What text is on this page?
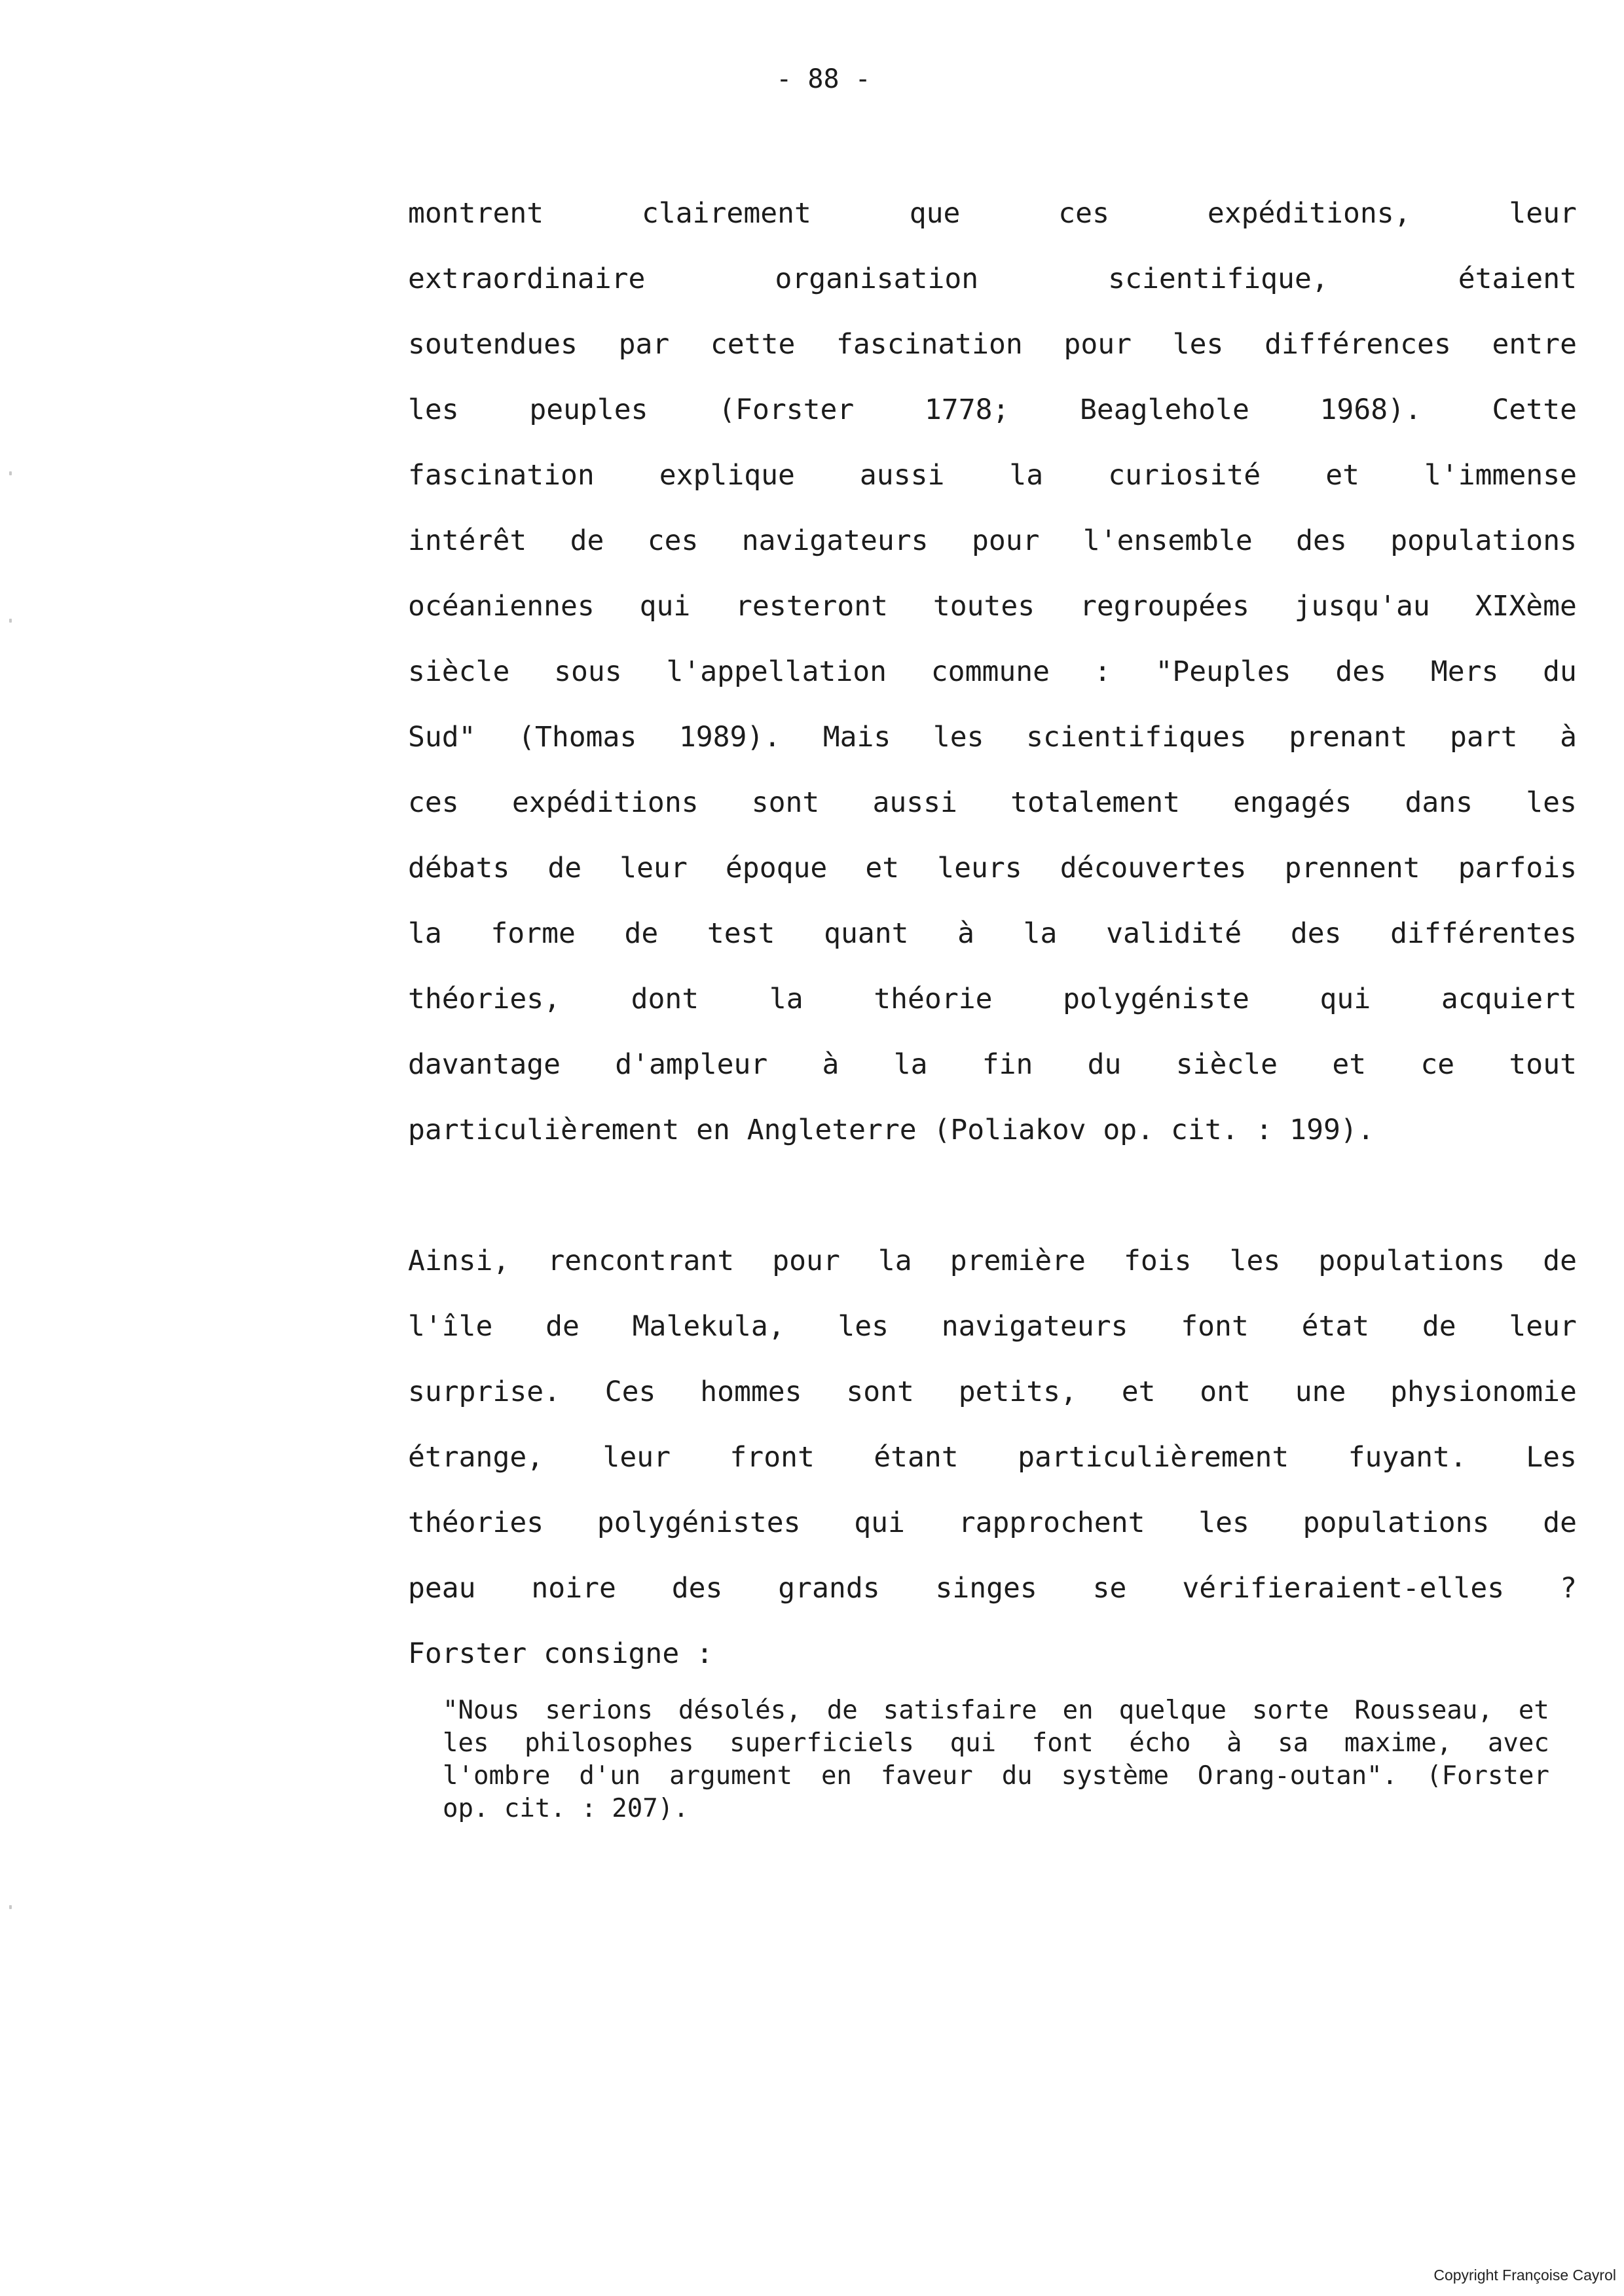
- 88 -
montrent	clairement	que	ces	expéditions,	leur
extraordinaire	organisation	scientifique,	étaient
soutendues par cette fascination pour les différences entre
les	peuples	(Forster	1778;	Beaglehole	1968).	Cette
fascination explique aussi la curiosité et l'immense
intérêt de ces navigateurs pour l'ensemble des populations
océaniennes qui resteront toutes regroupées jusqu'au XIXème
siècle sous l'appellation commune : "Peuples des Mers du
Sud" (Thomas 1989). Mais les scientifiques prenant part à
ces expéditions sont aussi totalement engagés dans les
débats de leur époque et leurs découvertes prennent parfois
la forme de test quant à la validité des différentes
théories,	dont	la	théorie	polygéniste	qui	acquiert
davantage d'ampleur à la fin du siècle et ce tout
particulièrement en Angleterre (Poliakov op. cit. : 199).
Ainsi, rencontrant pour la première fois les populations de
l'île de Malekula, les navigateurs font état de leur
surprise. Ces hommes sont petits, et ont une physionomie
étrange, leur front étant particulièrement fuyant. Les
théories polygénistes qui rapprochent les populations de
peau noire des grands singes se vérifieraient-elles ?
Forster consigne :
"Nous serions désolés, de satisfaire en quelque sorte Rousseau, et
les philosophes superficiels qui font écho à sa maxime, avec
l'ombre d'un argument en faveur du système Orang-outan". (Forster
op. cit. : 207).
Copyright Françoise Cayrol
